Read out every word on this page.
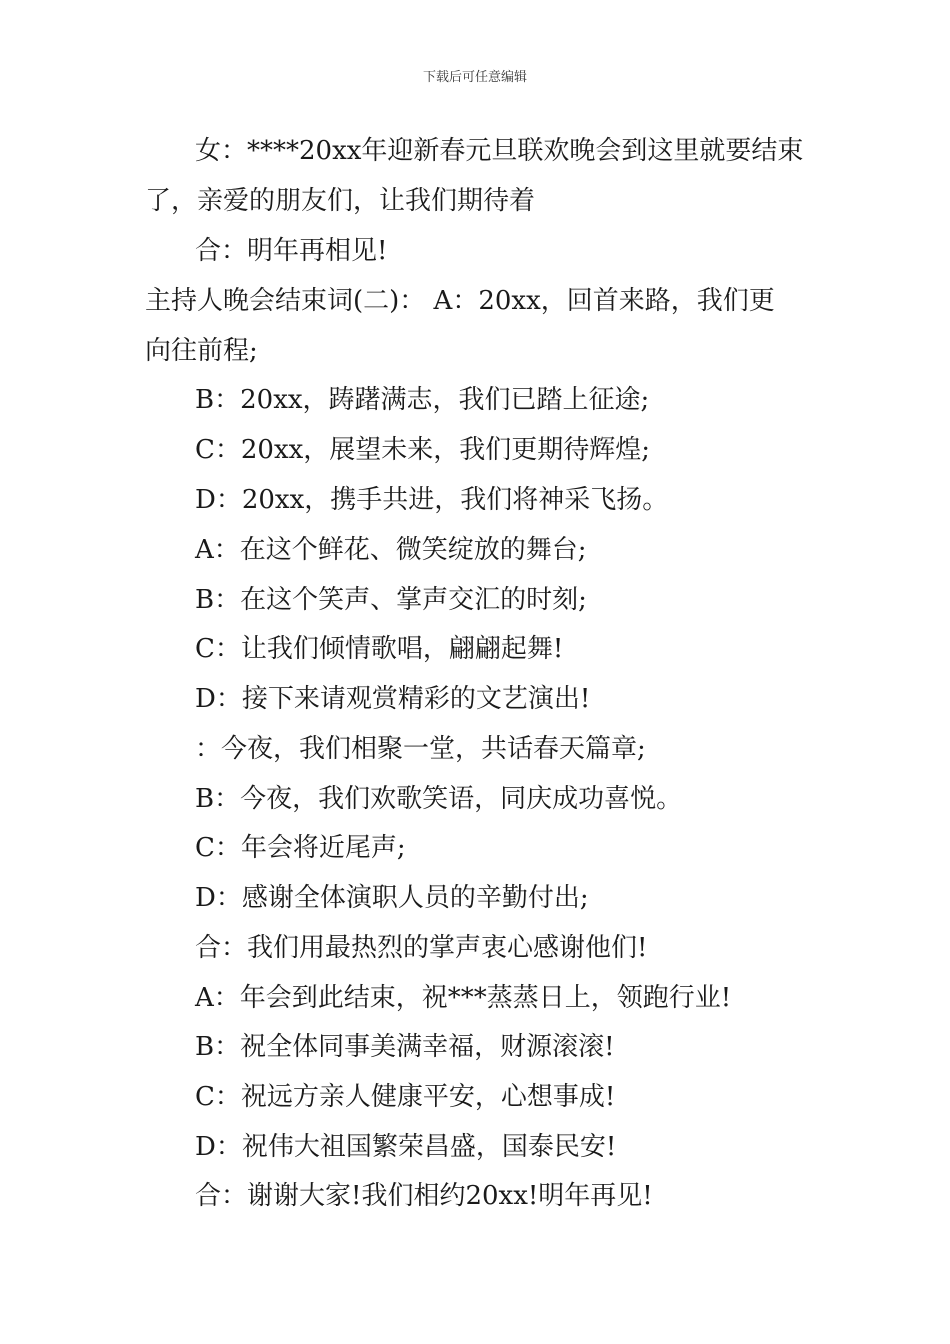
下载后可任意编辑
女：****20xx年迎新春元旦联欢晚会到这里就要结束
了，亲爱的朋友们，让我们期待着
合：明年再相见!
主持人晚会结束词(二)： A：20xx，回首来路，我们更
向往前程;
B：20xx，踌躇满志，我们已踏上征途;
C：20xx，展望未来，我们更期待辉煌;
D：20xx，携手共进，我们将神采飞扬。
A：在这个鲜花、微笑绽放的舞台;
B：在这个笑声、掌声交汇的时刻;
C：让我们倾情歌唱，翩翩起舞!
D：接下来请观赏精彩的文艺演出!
：今夜，我们相聚一堂，共话春天篇章;
B：今夜，我们欢歌笑语，同庆成功喜悦。
C：年会将近尾声;
D：感谢全体演职人员的辛勤付出;
合：我们用最热烈的掌声衷心感谢他们!
A：年会到此结束，祝***蒸蒸日上，领跑行业!
B：祝全体同事美满幸福，财源滚滚!
C：祝远方亲人健康平安，心想事成!
D：祝伟大祖国繁荣昌盛，国泰民安!
合：谢谢大家!我们相约20xx!明年再见!
